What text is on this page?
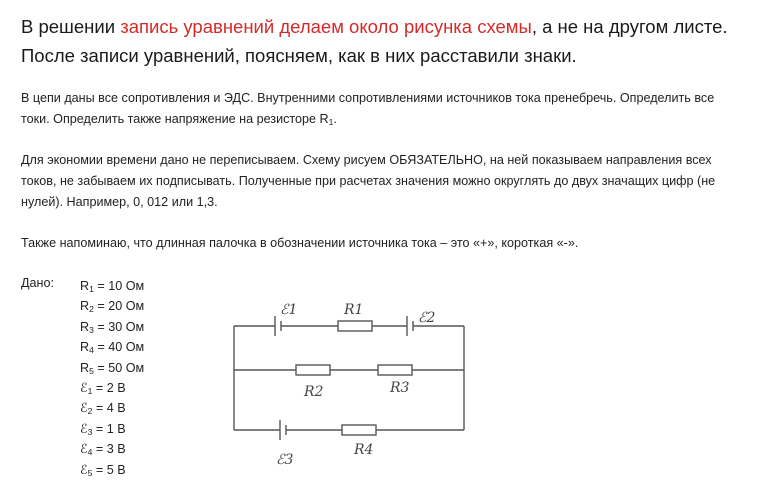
В решении запись уравнений делаем около рисунка схемы, а не на другом листе. После записи уравнений, поясняем, как в них расставили знаки.
В цепи даны все сопротивления и ЭДС. Внутренними сопротивлениями источников тока пренебречь. Определить все токи. Определить также напряжение на резисторе $R_1$.
Для экономии времени дано не переписываем. Схему рисуем ОБЯЗАТЕЛЬНО, на ней показываем направления всех токов, не забываем их подписывать. Полученные при расчетах значения можно округлять до двух значащих цифр (не нулей). Например, 0, 012 или 1,3.
Также напоминаю, что длинная палочка в обозначении источника тока – это «+», короткая «-».
Дано: $R_1 = 10$ Ом
$R_2 = 20$ Ом
$R_3 = 30$ Ом
$R_4 = 40$ Ом
$R_5 = 50$ Ом
ℰ$_1$ = 2 В
ℰ$_2$ = 4 В
ℰ$_3$ = 1 В
ℰ$_4$ = 3 В
ℰ$_5$ = 5 В
ℰ1	R1	ℰ2
R2	R3
ℰ3
R4
